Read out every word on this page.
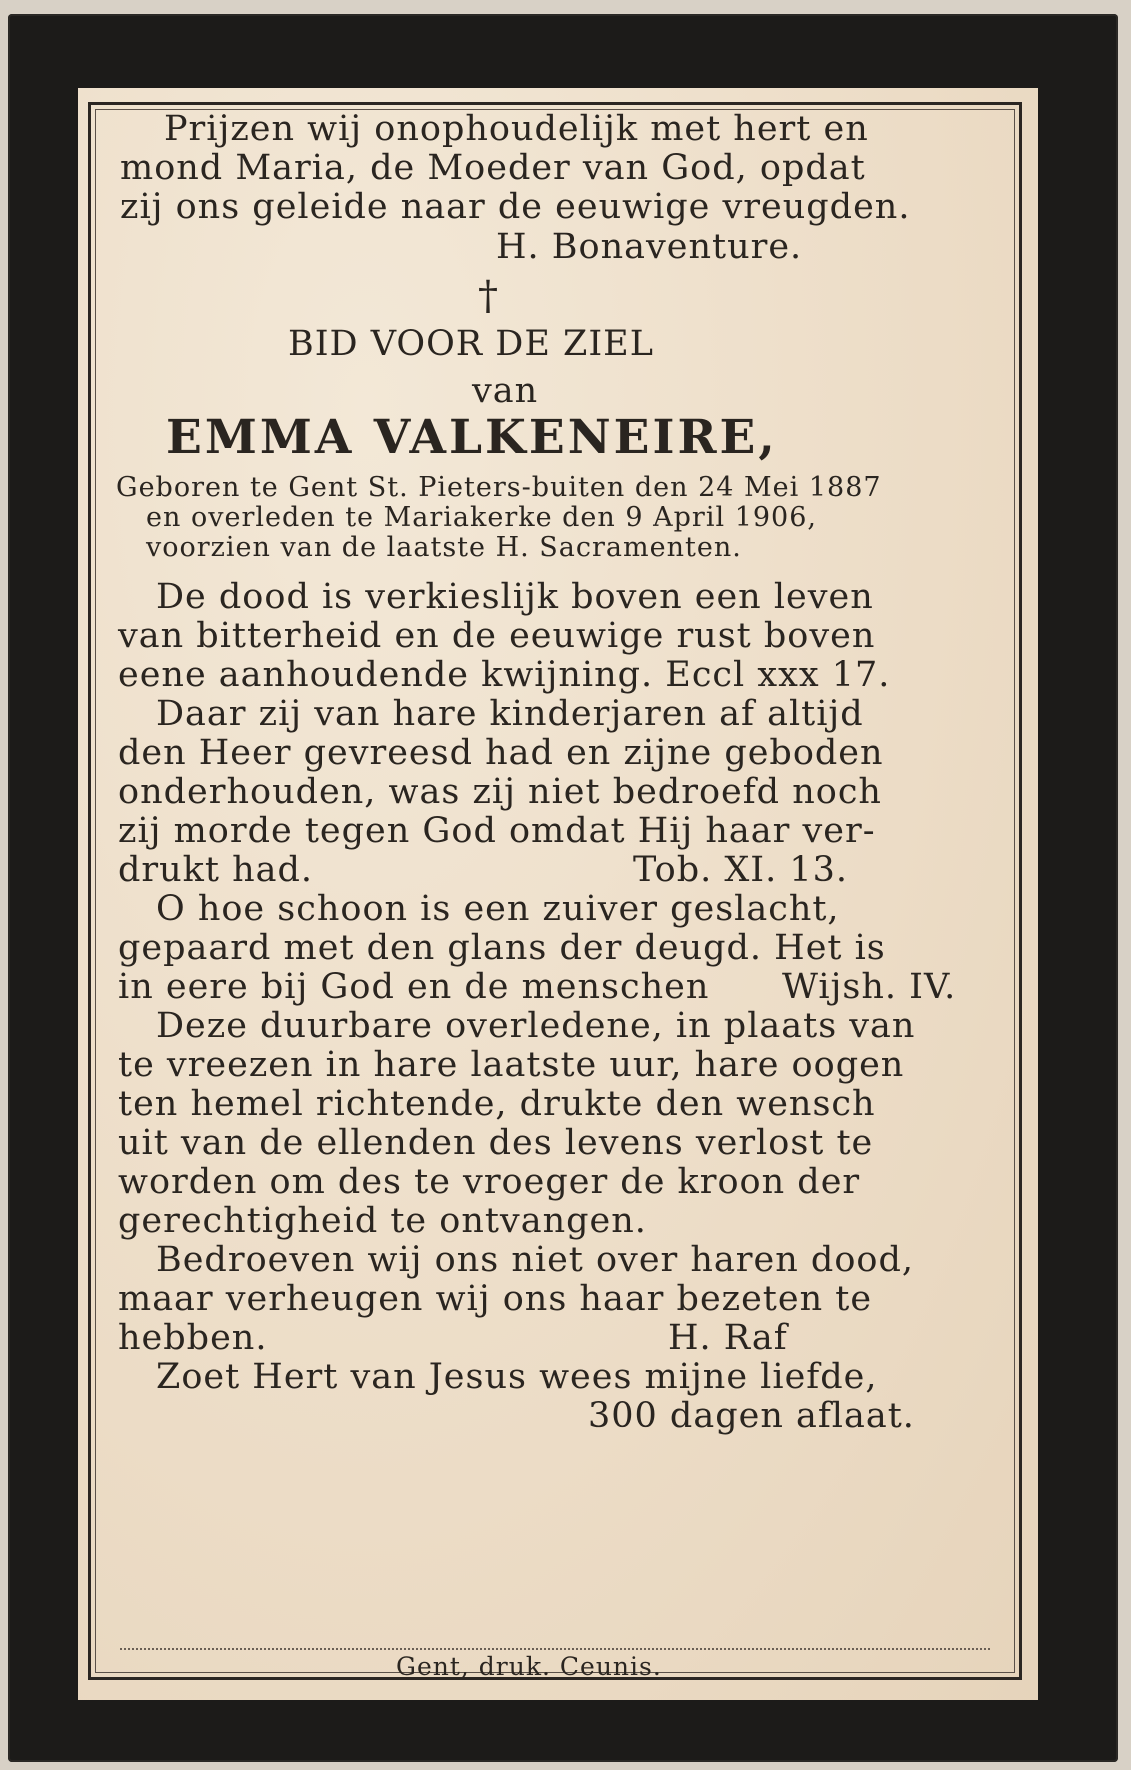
Prijzen wij onophoudelijk met hert en
mond Maria, de Moeder van God, opdat
zij ons geleide naar de eeuwige vreugden.
H. Bonaventure.
†
BID VOOR DE ZIEL
van
EMMA VALKENEIRE,
Geboren te Gent St. Pieters-buiten den 24 Mei 1887
en overleden te Mariakerke den 9 April 1906,
voorzien van de laatste H. Sacramenten.
De dood is verkieslijk boven een leven
van bitterheid en de eeuwige rust boven
eene aanhoudende kwijning. Eccl xxx 17.
Daar zij van hare kinderjaren af altijd
den Heer gevreesd had en zijne geboden
onderhouden, was zij niet bedroefd noch
zij morde tegen God omdat Hij haar ver-
drukt had.	Tob. XI. 13.
O hoe schoon is een zuiver geslacht,
gepaard met den glans der deugd. Het is
in eere bij God en de menschen Wijsh. IV.
Deze duurbare overledene, in plaats van
te vreezen in hare laatste uur, hare oogen
ten hemel richtende, drukte den wensch
uit van de ellenden des levens verlost te
worden om des te vroeger de kroon der
gerechtigheid te ontvangen.
Bedroeven wij ons niet over haren dood,
maar verheugen wij ons haar bezeten te
hebben.	H. Raf
Zoet Hert van Jesus wees mijne liefde,
300 dagen aflaat.
Gent, druk. Ceunis.
